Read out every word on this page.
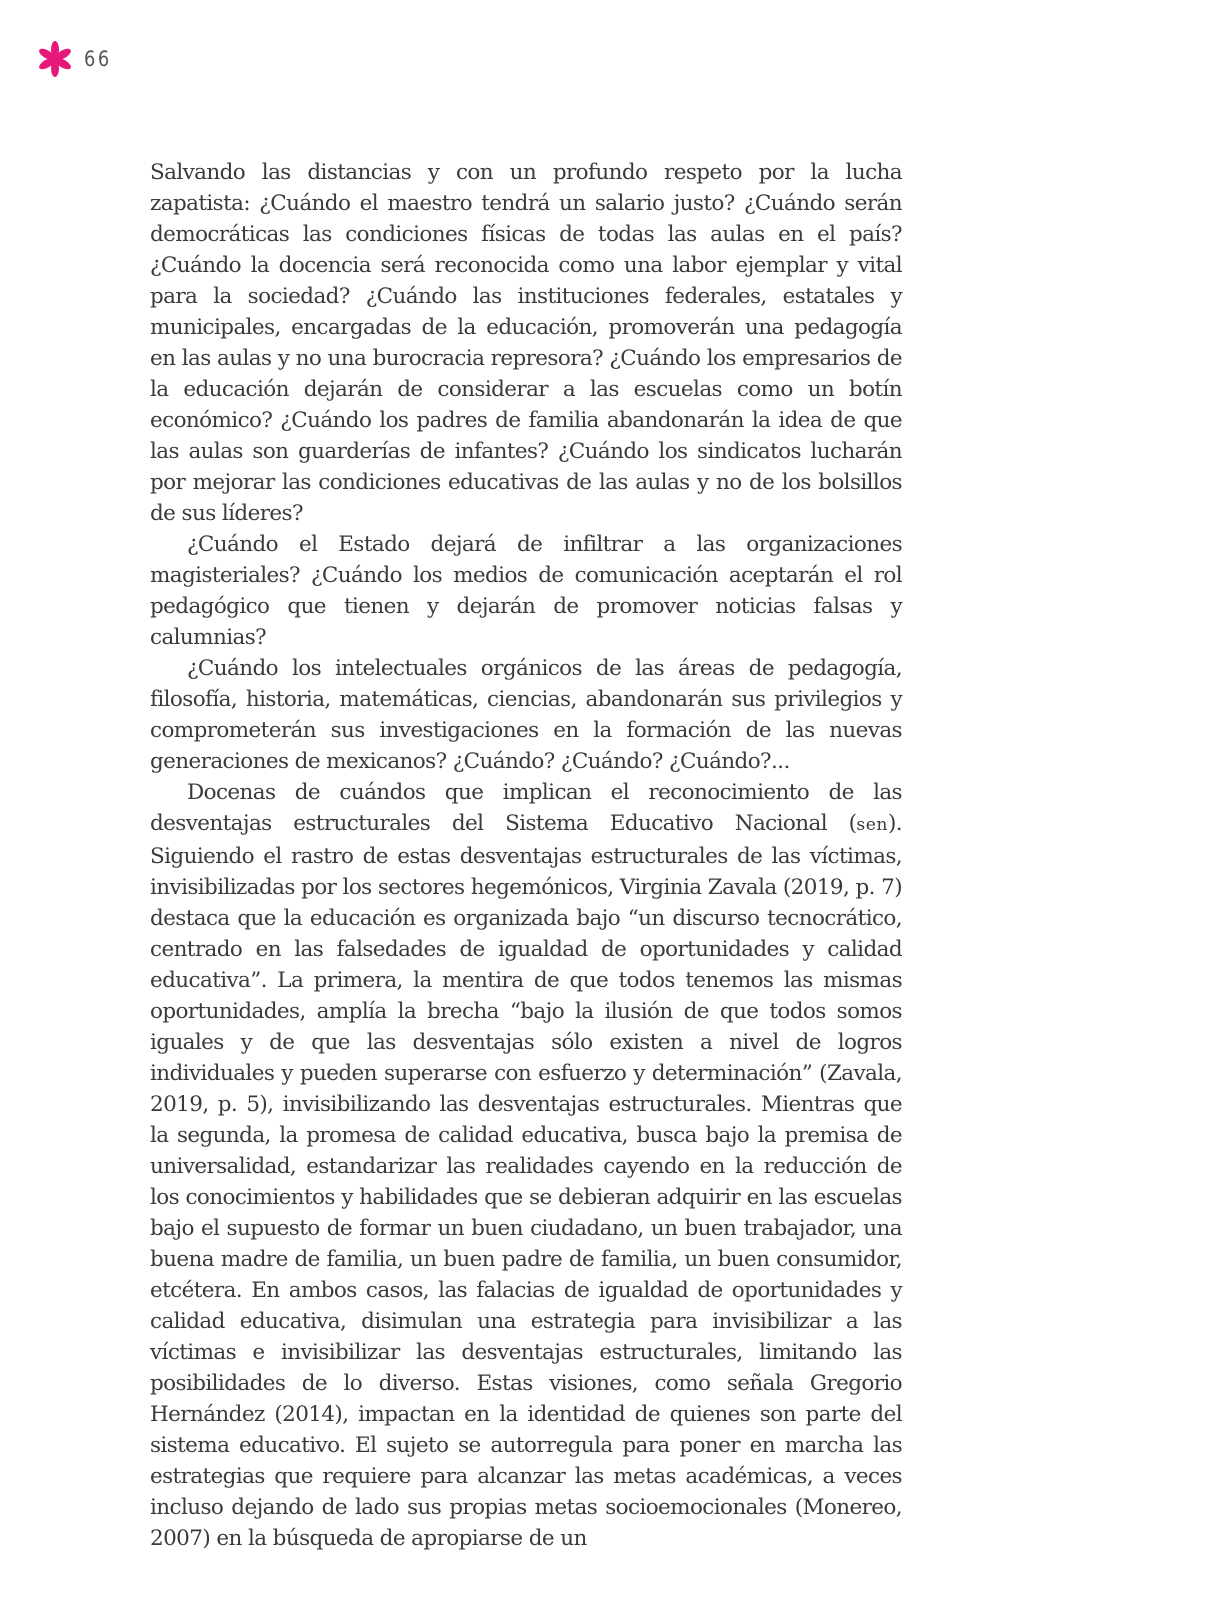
66

Salvando las distancias y con un profundo respeto por la lucha zapatista: ¿Cuándo el maestro tendrá un salario justo? ¿Cuándo serán democráticas las condiciones físicas de todas las aulas en el país? ¿Cuándo la docencia será reconocida como una labor ejemplar y vital para la sociedad? ¿Cuándo las instituciones federales, estatales y municipales, encargadas de la educación, promoverán una pedagogía en las aulas y no una burocracia represora? ¿Cuándo los empresarios de la educación dejarán de considerar a las escuelas como un botín económico? ¿Cuándo los padres de familia abandonarán la idea de que las aulas son guarderías de infantes? ¿Cuándo los sindicatos lucharán por mejorar las condiciones educativas de las aulas y no de los bolsillos de sus líderes?

¿Cuándo el Estado dejará de infiltrar a las organizaciones magisteriales? ¿Cuándo los medios de comunicación aceptarán el rol pedagógico que tienen y dejarán de promover noticias falsas y calumnias?

¿Cuándo los intelectuales orgánicos de las áreas de pedagogía, filosofía, historia, matemáticas, ciencias, abandonarán sus privilegios y comprometerán sus investigaciones en la formación de las nuevas generaciones de mexicanos? ¿Cuándo? ¿Cuándo? ¿Cuándo?...

Docenas de cuándos que implican el reconocimiento de las desventajas estructurales del Sistema Educativo Nacional (sen). Siguiendo el rastro de estas desventajas estructurales de las víctimas, invisibilizadas por los sectores hegemónicos, Virginia Zavala (2019, p. 7) destaca que la educación es organizada bajo “un discurso tecnocrático, centrado en las falsedades de igualdad de oportunidades y calidad educativa”. La primera, la mentira de que todos tenemos las mismas oportunidades, amplía la brecha “bajo la ilusión de que todos somos iguales y de que las desventajas sólo existen a nivel de logros individuales y pueden superarse con esfuerzo y determinación” (Zavala, 2019, p. 5), invisibilizando las desventajas estructurales. Mientras que la segunda, la promesa de calidad educativa, busca bajo la premisa de universalidad, estandarizar las realidades cayendo en la reducción de los conocimientos y habilidades que se debieran adquirir en las escuelas bajo el supuesto de formar un buen ciudadano, un buen trabajador, una buena madre de familia, un buen padre de familia, un buen consumidor, etcétera. En ambos casos, las falacias de igualdad de oportunidades y calidad educativa, disimulan una estrategia para invisibilizar a las víctimas e invisibilizar las desventajas estructurales, limitando las posibilidades de lo diverso. Estas visiones, como señala Gregorio Hernández (2014), impactan en la identidad de quienes son parte del sistema educativo. El sujeto se autorregula para poner en marcha las estrategias que requiere para alcanzar las metas académicas, a veces incluso dejando de lado sus propias metas socioemocionales (Monereo, 2007) en la búsqueda de apropiarse de un
